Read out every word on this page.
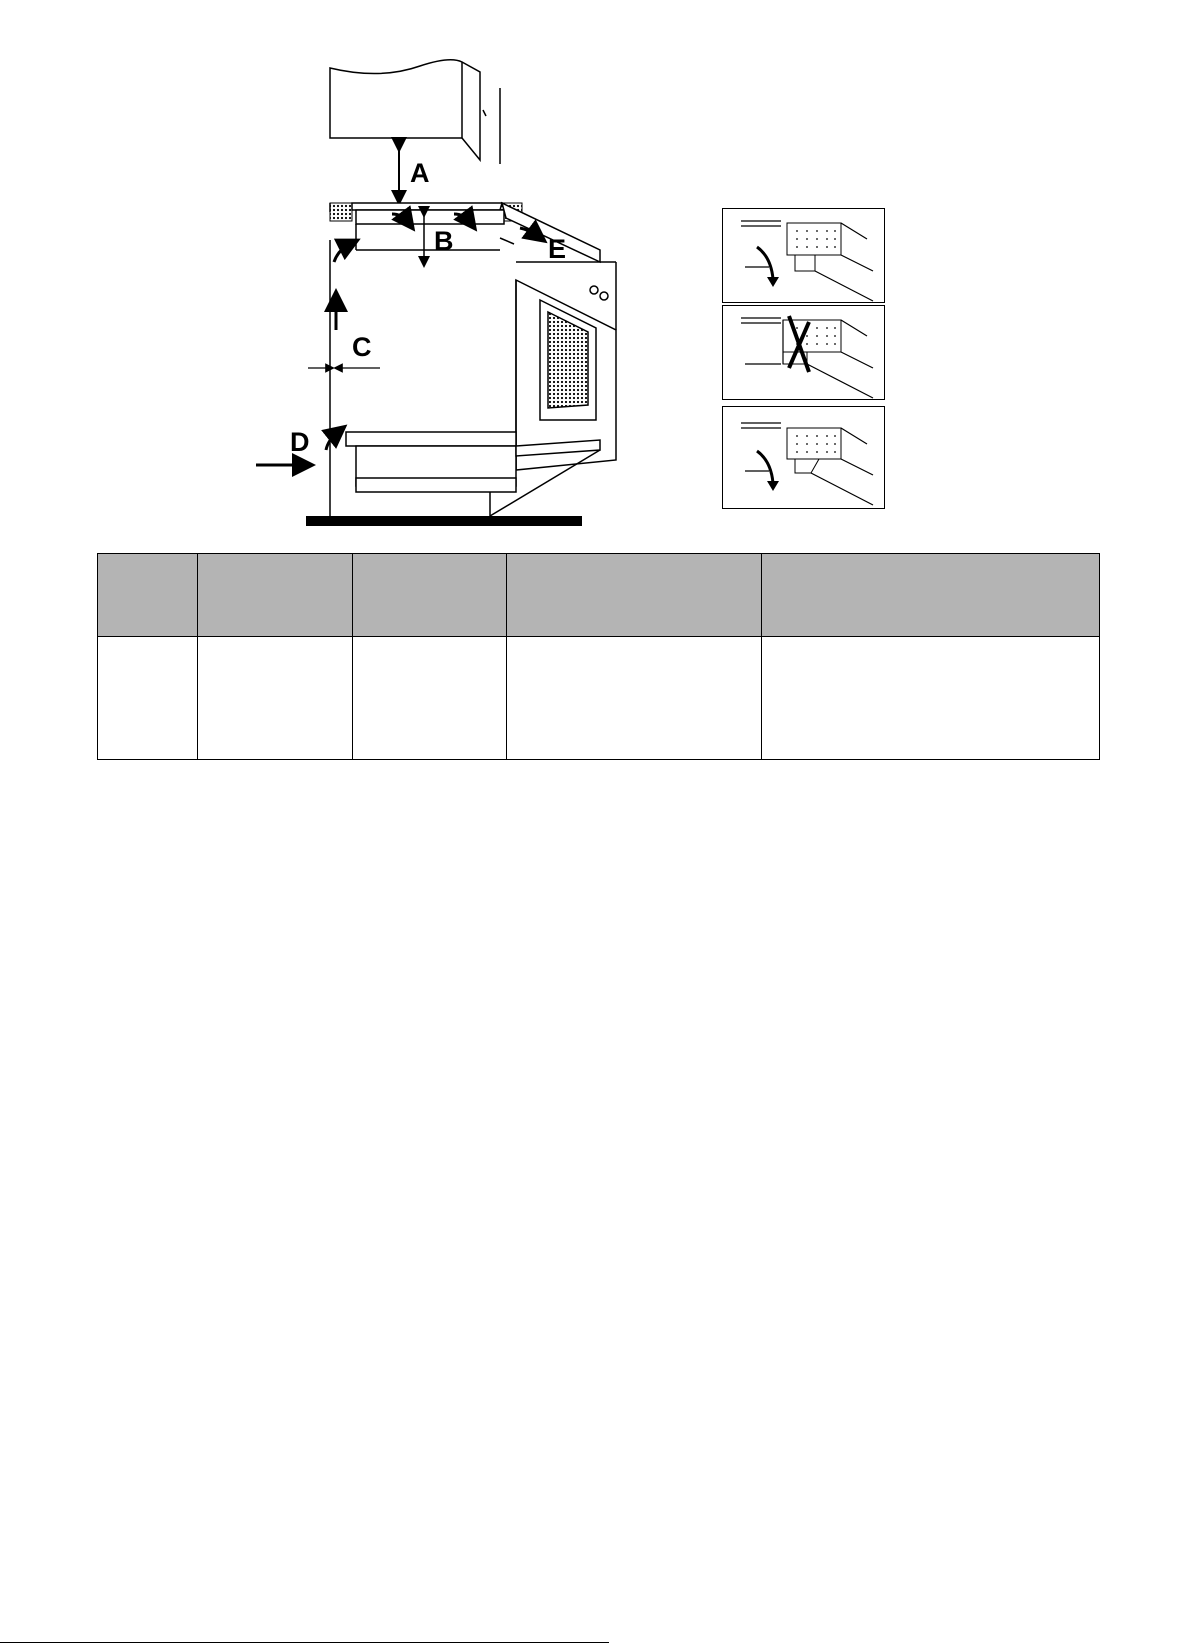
A
B	E
C
D
